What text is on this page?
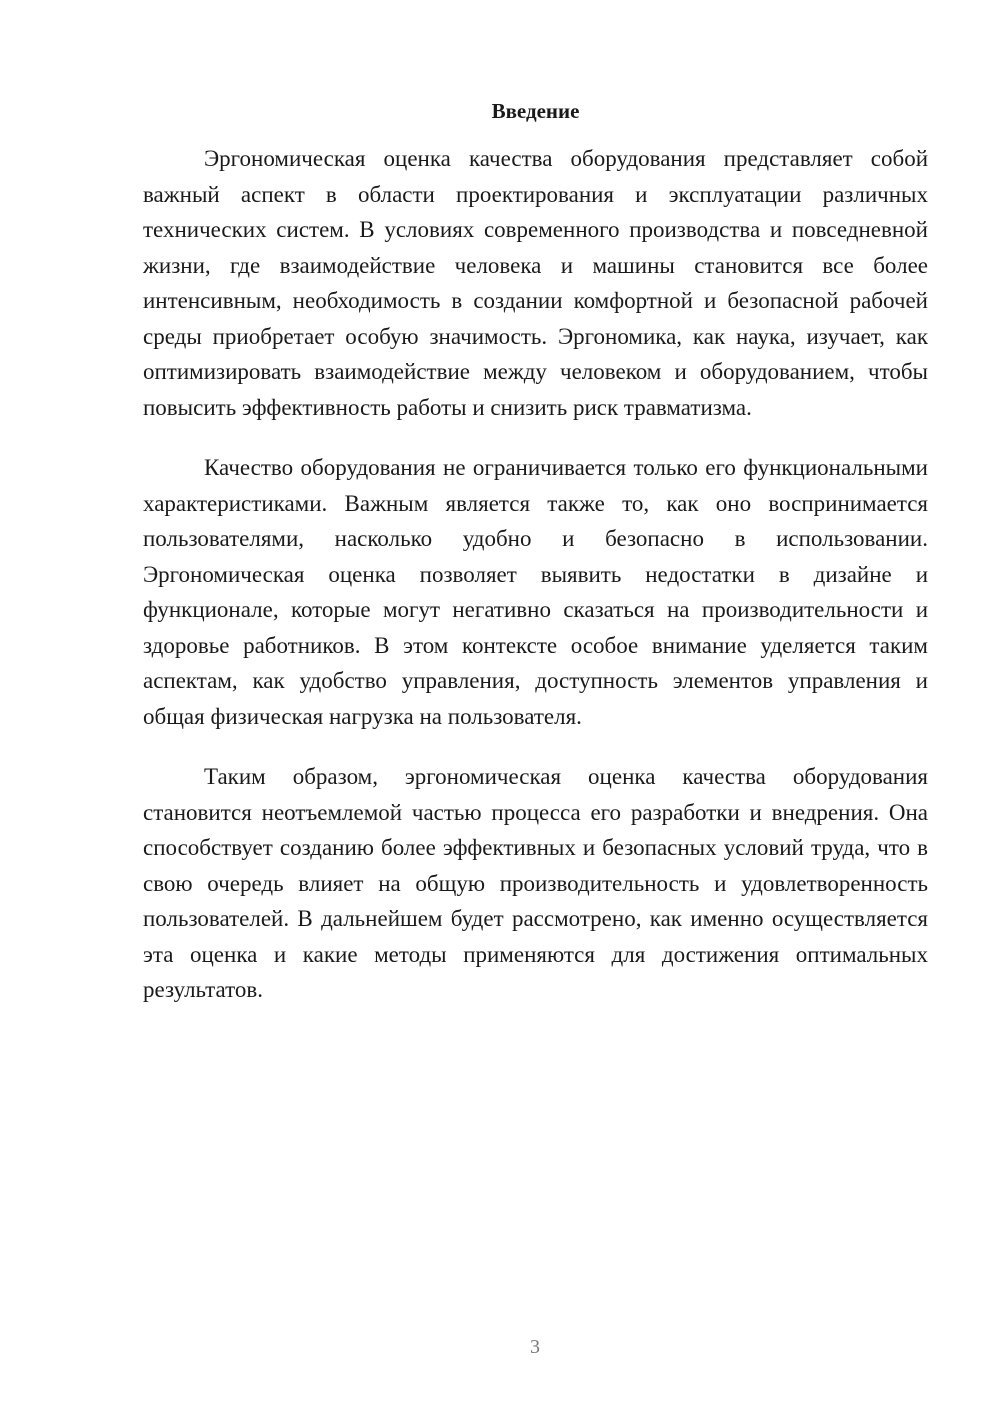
Введение

Эргономическая оценка качества оборудования представляет собой важный аспект в области проектирования и эксплуатации различных технических систем. В условиях современного производства и повседневной жизни, где взаимодействие человека и машины становится все более интенсивным, необходимость в создании комфортной и безопасной рабочей среды приобретает особую значимость. Эргономика, как наука, изучает, как оптимизировать взаимодействие между человеком и оборудованием, чтобы повысить эффективность работы и снизить риск травматизма.

Качество оборудования не ограничивается только его функциональными характеристиками. Важным является также то, как оно воспринимается пользователями, насколько удобно и безопасно в использовании. Эргономическая оценка позволяет выявить недостатки в дизайне и функционале, которые могут негативно сказаться на производительности и здоровье работников. В этом контексте особое внимание уделяется таким аспектам, как удобство управления, доступность элементов управления и общая физическая нагрузка на пользователя.

Таким образом, эргономическая оценка качества оборудования становится неотъемлемой частью процесса его разработки и внедрения. Она способствует созданию более эффективных и безопасных условий труда, что в свою очередь влияет на общую производительность и удовлетворенность пользователей. В дальнейшем будет рассмотрено, как именно осуществляется эта оценка и какие методы применяются для достижения оптимальных результатов.

3
